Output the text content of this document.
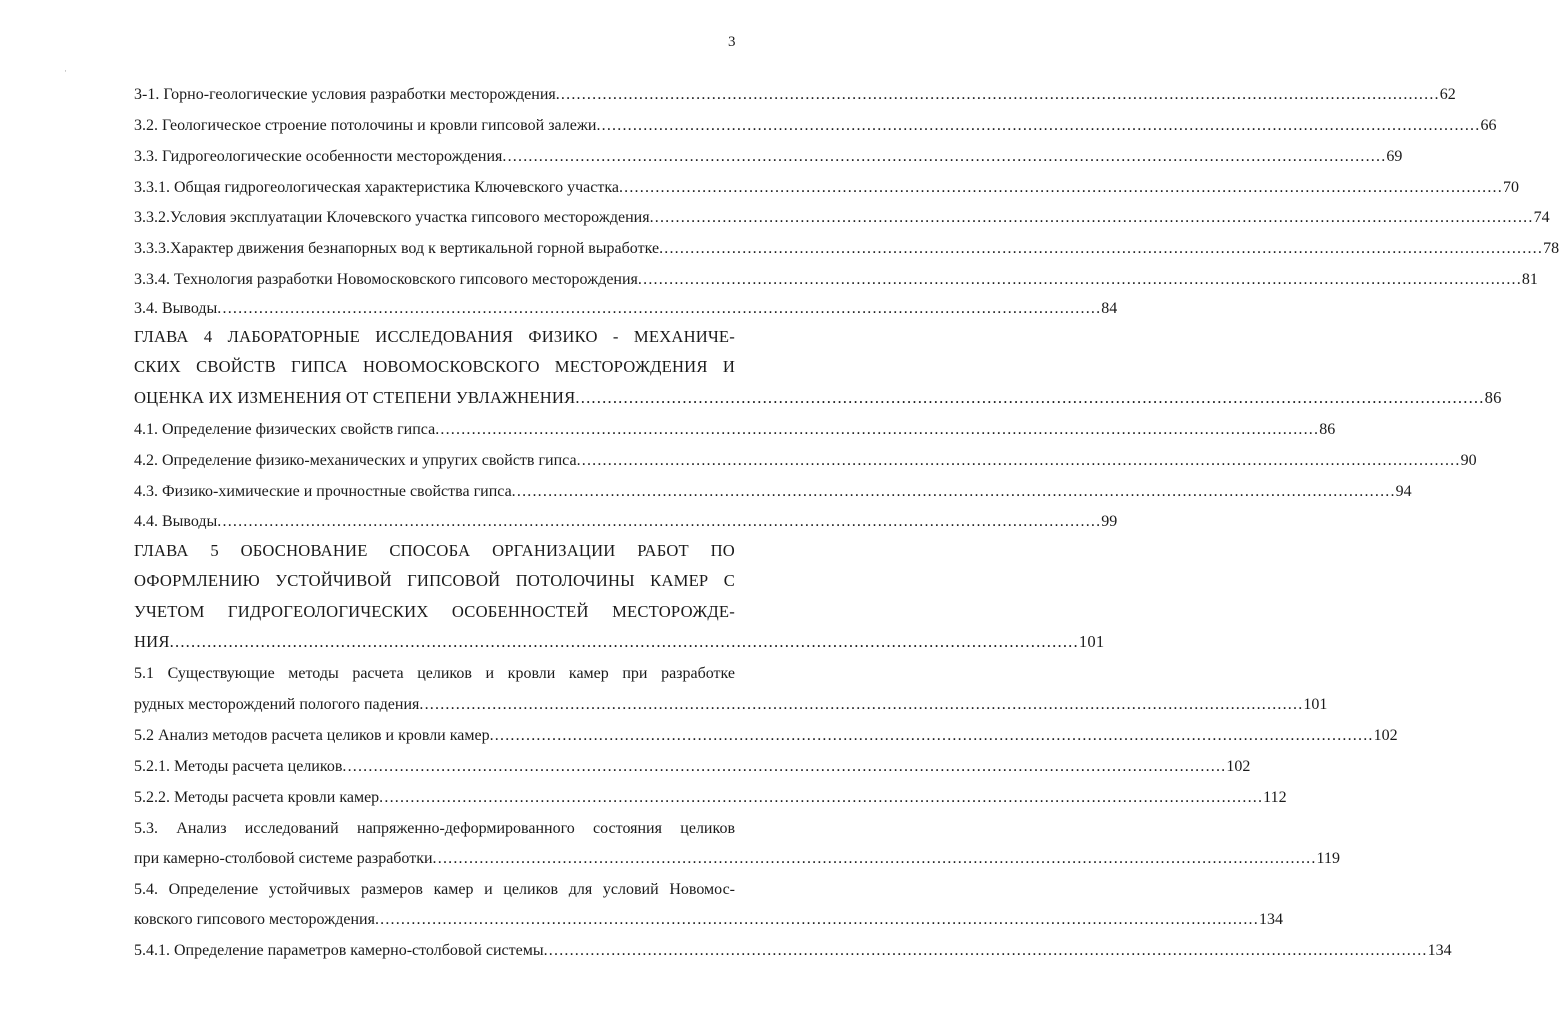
3
·
3-1. Горно-геологические условия разработки месторождения .......................................................................................................................................................................... 62
3.2. Геологическое строение потолочины и кровли гипсовой залежи .......................................................................................................................................................................... 66
3.3. Гидрогеологические особенности месторождения .......................................................................................................................................................................... 69
3.3.1. Общая гидрогеологическая характеристика Ключевского участка .......................................................................................................................................................................... 70
3.3.2.Условия эксплуатации Клочевского участка гипсового месторождения .......................................................................................................................................................................... 74
3.3.3.Характер движения безнапорных вод к вертикальной горной выработке .......................................................................................................................................................................... 78
3.3.4. Технология разработки Новомосковского гипсового месторождения .......................................................................................................................................................................... 81
3.4. Выводы .......................................................................................................................................................................... 84
ГЛАВА 4 ЛАБОРАТОРНЫЕ ИССЛЕДОВАНИЯ ФИЗИКО - МЕХАНИЧЕ-
СКИХ СВОЙСТВ ГИПСА НОВОМОСКОВСКОГО МЕСТОРОЖДЕНИЯ И
ОЦЕНКА ИХ ИЗМЕНЕНИЯ ОТ СТЕПЕНИ УВЛАЖНЕНИЯ .......................................................................................................................................................................... 86
4.1. Определение физических свойств гипса .......................................................................................................................................................................... 86
4.2. Определение физико-механических и упругих свойств гипса .......................................................................................................................................................................... 90
4.3. Физико-химические и прочностные свойства гипса .......................................................................................................................................................................... 94
4.4. Выводы .......................................................................................................................................................................... 99
ГЛАВА 5 ОБОСНОВАНИЕ СПОСОБА ОРГАНИЗАЦИИ РАБОТ ПО
ОФОРМЛЕНИЮ УСТОЙЧИВОЙ ГИПСОВОЙ ПОТОЛОЧИНЫ КАМЕР С
УЧЕТОМ ГИДРОГЕОЛОГИЧЕСКИХ ОСОБЕННОСТЕЙ МЕСТОРОЖДЕ-
НИЯ .......................................................................................................................................................................... 101
5.1 Существующие методы расчета целиков и кровли камер при разработке
рудных месторождений пологого падения .......................................................................................................................................................................... 101
5.2 Анализ методов расчета целиков и кровли камер .......................................................................................................................................................................... 102
5.2.1. Методы расчета целиков .......................................................................................................................................................................... 102
5.2.2. Методы расчета кровли камер .......................................................................................................................................................................... 112
5.3. Анализ исследований напряженно-деформированного состояния целиков
при камерно-столбовой системе разработки .......................................................................................................................................................................... 119
5.4. Определение устойчивых размеров камер и целиков для условий Новомос-
ковского гипсового месторождения .......................................................................................................................................................................... 134
5.4.1. Определение параметров камерно-столбовой системы .......................................................................................................................................................................... 134
